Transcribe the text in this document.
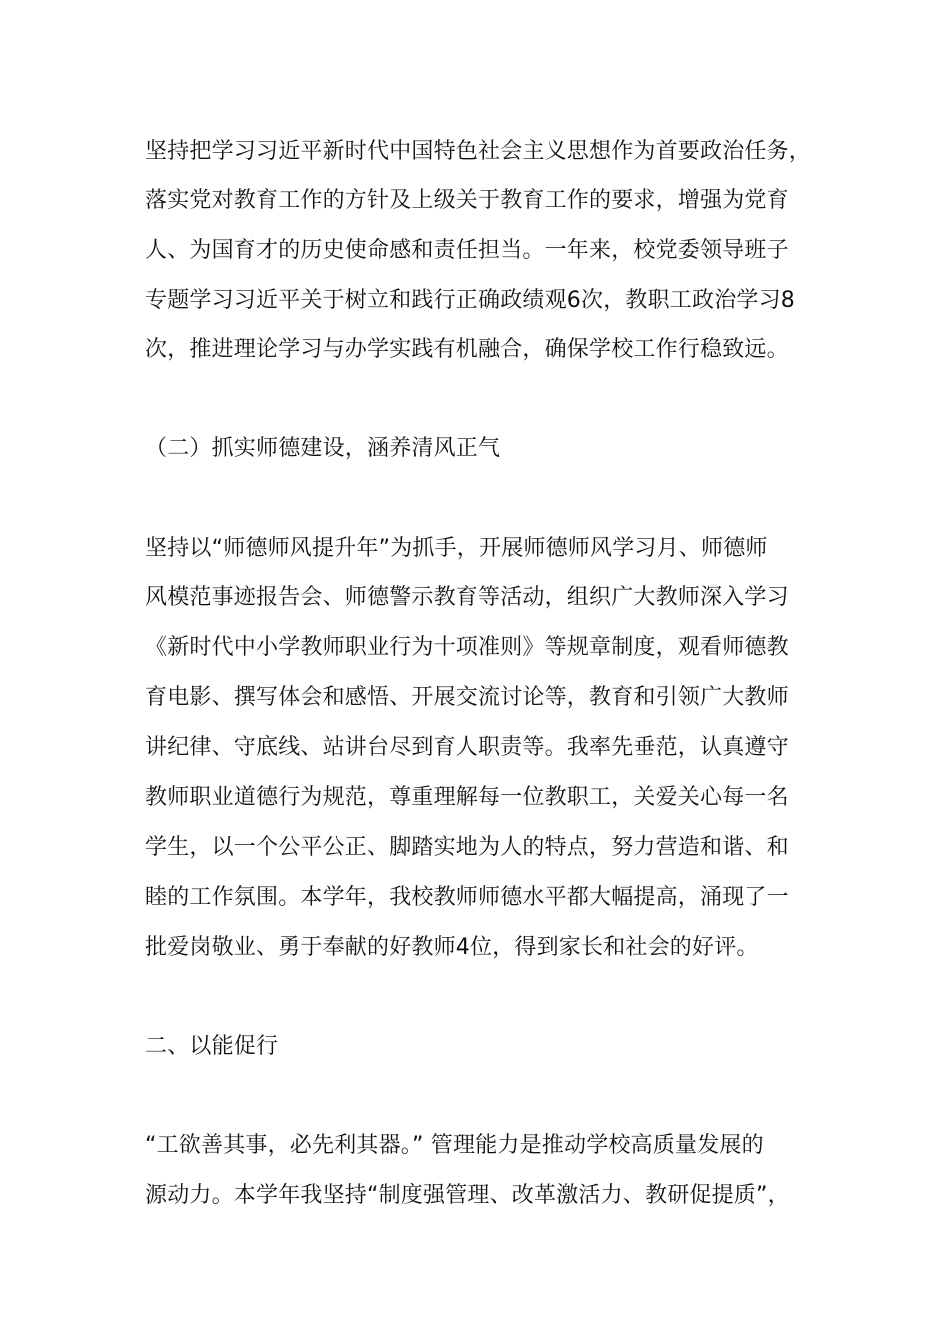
坚持把学习习近平新时代中国特色社会主义思想作为首要政治任务，
落实党对教育工作的方针及上级关于教育工作的要求，增强为党育
人、为国育才的历史使命感和责任担当。一年来，校党委领导班子
专题学习习近平关于树立和践行正确政绩观6次，教职工政治学习8
次，推进理论学习与办学实践有机融合，确保学校工作行稳致远。
（二）抓实师德建设，涵养清风正气
坚持以“师德师风提升年”为抓手，开展师德师风学习月、师德师
风模范事迹报告会、师德警示教育等活动，组织广大教师深入学习
《新时代中小学教师职业行为十项准则》等规章制度，观看师德教
育电影、撰写体会和感悟、开展交流讨论等，教育和引领广大教师
讲纪律、守底线、站讲台尽到育人职责等。我率先垂范，认真遵守
教师职业道德行为规范，尊重理解每一位教职工，关爱关心每一名
学生，以一个公平公正、脚踏实地为人的特点，努力营造和谐、和
睦的工作氛围。本学年，我校教师师德水平都大幅提高，涌现了一
批爱岗敬业、勇于奉献的好教师4位，得到家长和社会的好评。
二、以能促行
“工欲善其事，必先利其器。” 管理能力是推动学校高质量发展的
源动力。本学年我坚持“制度强管理、改革激活力、教研促提质”，
